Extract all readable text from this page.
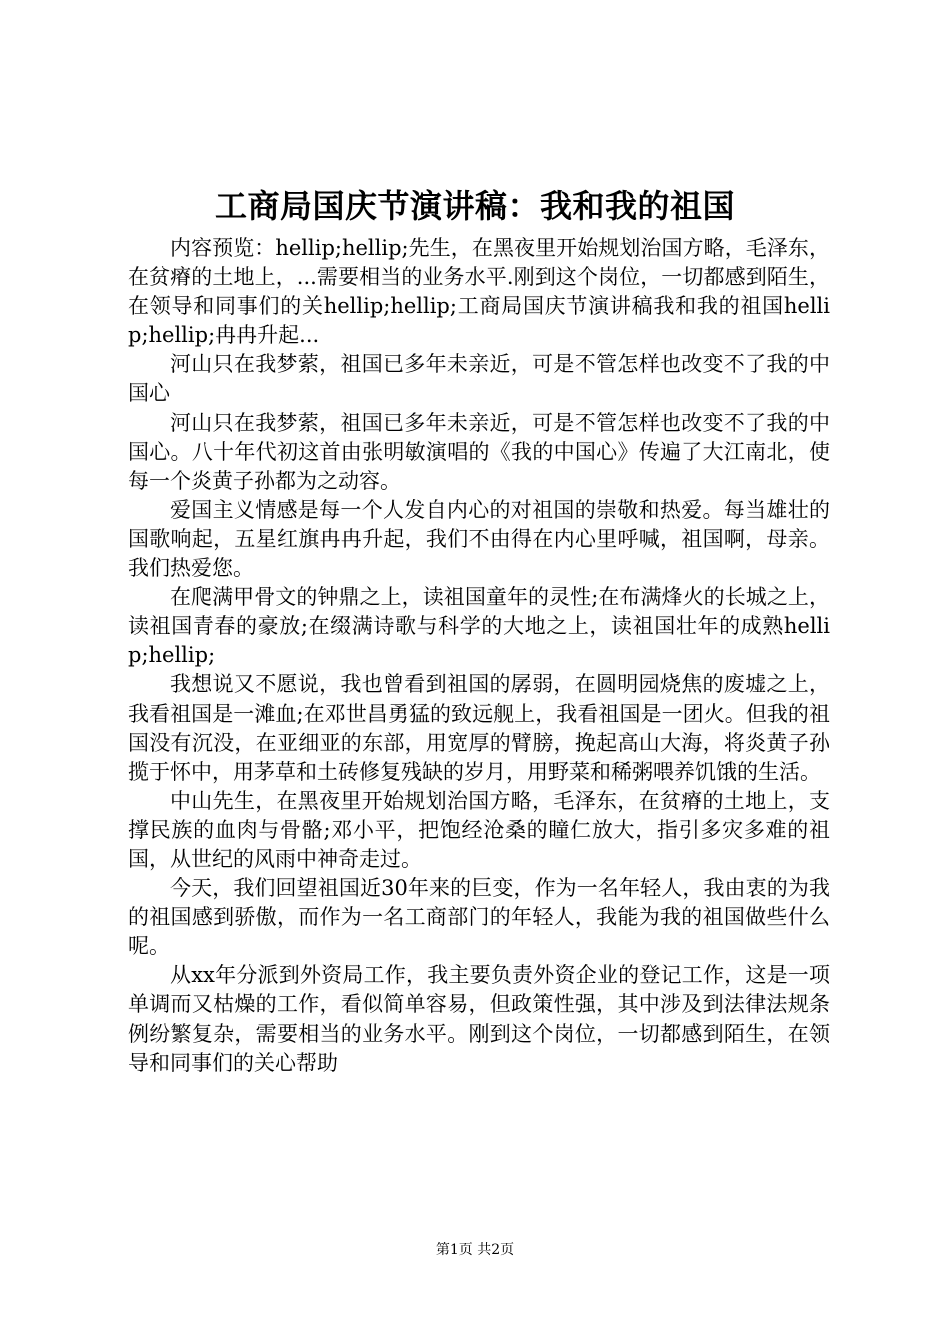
工商局国庆节演讲稿：我和我的祖国

内容预览：hellip;hellip;先生，在黑夜里开始规划治国方略，毛泽东，在贫瘠的土地上，...需要相当的业务水平.刚到这个岗位，一切都感到陌生，在领导和同事们的关hellip;hellip;工商局国庆节演讲稿我和我的祖国hellip;hellip;冉冉升起...

河山只在我梦萦，祖国已多年未亲近，可是不管怎样也改变不了我的中国心

河山只在我梦萦，祖国已多年未亲近，可是不管怎样也改变不了我的中国心。八十年代初这首由张明敏演唱的《我的中国心》传遍了大江南北，使每一个炎黄子孙都为之动容。

爱国主义情感是每一个人发自内心的对祖国的崇敬和热爱。每当雄壮的国歌响起，五星红旗冉冉升起，我们不由得在内心里呼喊，祖国啊，母亲。我们热爱您。

在爬满甲骨文的钟鼎之上，读祖国童年的灵性;在布满烽火的长城之上，读祖国青春的豪放;在缀满诗歌与科学的大地之上，读祖国壮年的成熟hellip;hellip;

我想说又不愿说，我也曾看到祖国的孱弱，在圆明园烧焦的废墟之上，我看祖国是一滩血;在邓世昌勇猛的致远舰上，我看祖国是一团火。但我的祖国没有沉没，在亚细亚的东部，用宽厚的臂膀，挽起高山大海，将炎黄子孙揽于怀中，用茅草和土砖修复残缺的岁月，用野菜和稀粥喂养饥饿的生活。

中山先生，在黑夜里开始规划治国方略，毛泽东，在贫瘠的土地上，支撑民族的血肉与骨骼;邓小平，把饱经沧桑的瞳仁放大，指引多灾多难的祖国，从世纪的风雨中神奇走过。

今天，我们回望祖国近30年来的巨变，作为一名年轻人，我由衷的为我的祖国感到骄傲，而作为一名工商部门的年轻人，我能为我的祖国做些什么呢。

从xx年分派到外资局工作，我主要负责外资企业的登记工作，这是一项单调而又枯燥的工作，看似简单容易，但政策性强，其中涉及到法律法规条例纷繁复杂，需要相当的业务水平。刚到这个岗位，一切都感到陌生，在领导和同事们的关心帮助

第1页 共2页
